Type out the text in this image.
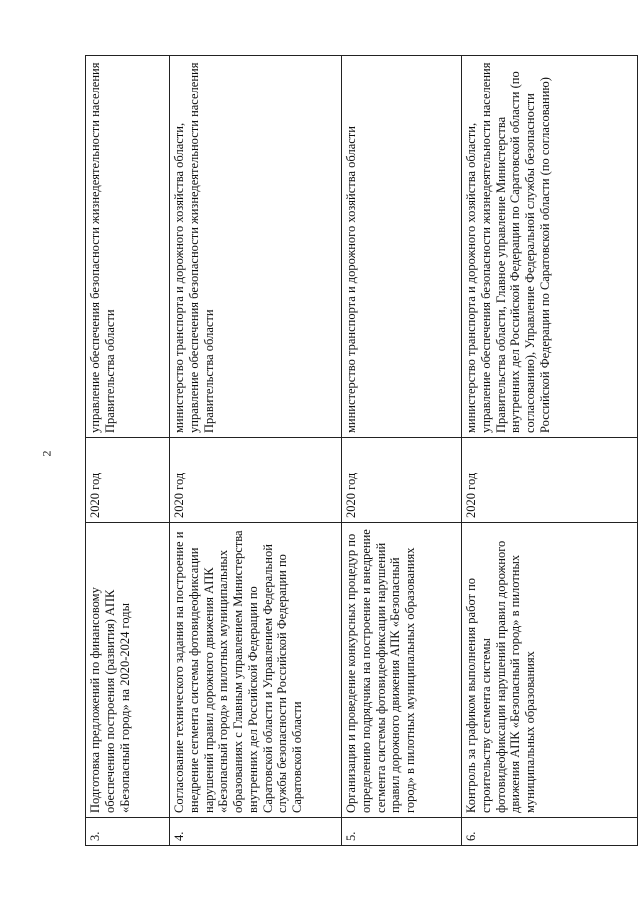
2
3.	Подготовка предложений по финансовому обеспечению построения (развития) АПК «Безопасный город» на 2020-2024 годы	2020 год	управление обеспечения безопасности жизнедеятельности населения Правительства области
4.	Согласование технического задания на построение и внедрение сегмента системы фотовидеофиксации нарушений правил дорожного движения АПК «Безопасный город» в пилотных муниципальных образованиях с Главным управлением Министерства внутренних дел Российской Федерации по Саратовской области и Управлением Федеральной службы безопасности Российской Федерации по Саратовской области	2020 год	министерство транспорта и дорожного хозяйства области, управление обеспечения безопасности жизнедеятельности населения Правительства области
5.	Организация и проведение конкурсных процедур по определению подрядчика на построение и внедрение сегмента системы фотовидеофиксации нарушений правил дорожного движения АПК «Безопасный город» в пилотных муниципальных образованиях	2020 год	министерство транспорта и дорожного хозяйства области
6.	Контроль за графиком выполнения работ по строительству сегмента системы фотовидеофиксации нарушений правил дорожного движения АПК «Безопасный город» в пилотных муниципальных образованиях	2020 год	министерство транспорта и дорожного хозяйства области, управление обеспечения безопасности жизнедеятельности населения Правительства области, Главное управление Министерства внутренних дел Российской Федерации по Саратовской области (по согласованию), Управление Федеральной службы безопасности Российской Федерации по Саратовской области (по согласованию)
